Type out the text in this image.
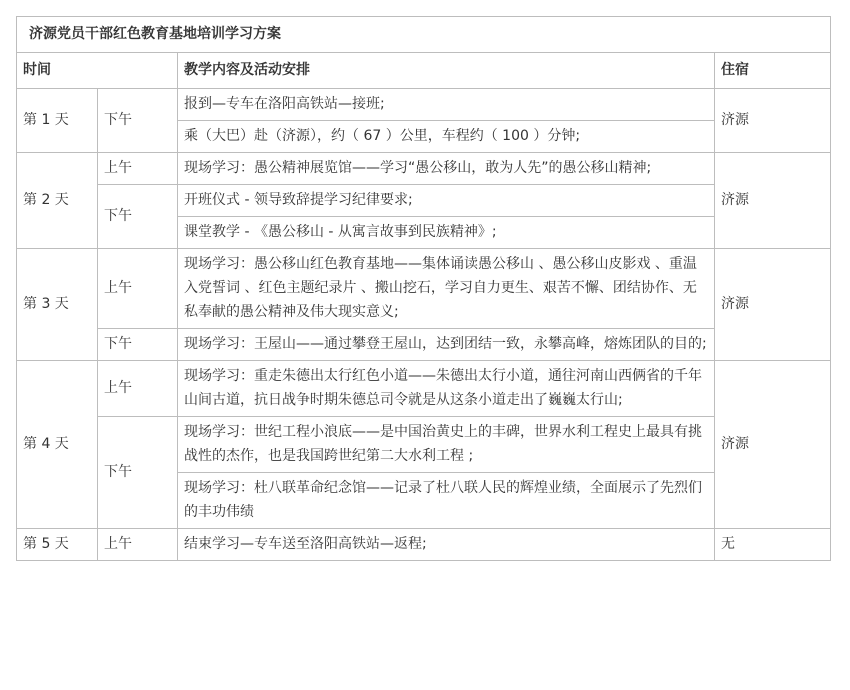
济源党员干部红色教育基地培训学习方案			
时间		教学内容及活动安排	住宿
第 1 天	下午	报到—专车在洛阳高铁站—接班;	济源
		乘（大巴）赴（济源），约（ 67 ）公里，车程约（ 100 ）分钟;	
第 2 天	上午	现场学习：愚公精神展览馆——学习“愚公移山，敢为人先”的愚公移山精神;	济源
	下午	开班仪式 - 领导致辞提学习纪律要求;	
		课堂教学 - 《愚公移山 - 从寓言故事到民族精神》;	
第 3 天	上午	现场学习：愚公移山红色教育基地——集体诵读愚公移山 、愚公移山皮影戏 、重温入党誓词 、红色主题纪录片 、搬山挖石，学习自力更生、艰苦不懈、团结协作、无私奉献的愚公精神及伟大现实意义;	济源
	下午	现场学习：王屋山——通过攀登王屋山，达到团结一致，永攀高峰，熔炼团队的目的;	
第 4 天	上午	现场学习：重走朱德出太行红色小道——朱德出太行小道，通往河南山西俩省的千年山间古道，抗日战争时期朱德总司令就是从这条小道走出了巍巍太行山;	济源
	下午	现场学习：世纪工程小浪底——是中国治黄史上的丰碑，世界水利工程史上最具有挑战性的杰作，也是我国跨世纪第二大水利工程 ;	
		现场学习：杜八联革命纪念馆——记录了杜八联人民的辉煌业绩，全面展示了先烈们的丰功伟绩	
第 5 天	上午	结束学习—专车送至洛阳高铁站—返程;	无
